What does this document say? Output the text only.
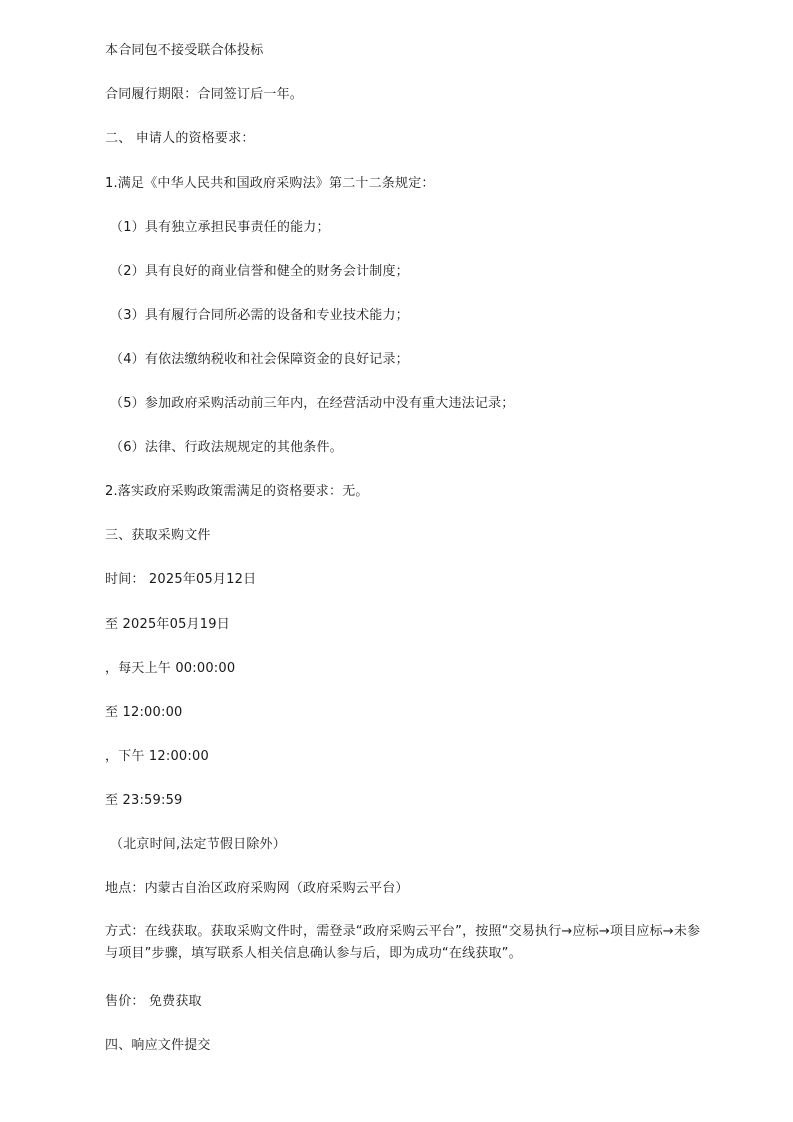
本合同包不接受联合体投标
合同履行期限：合同签订后一年。
二、 申请人的资格要求：
1.满足《中华人民共和国政府采购法》第二十二条规定：
（1）具有独立承担民事责任的能力；
（2）具有良好的商业信誉和健全的财务会计制度；
（3）具有履行合同所必需的设备和专业技术能力；
（4）有依法缴纳税收和社会保障资金的良好记录；
（5）参加政府采购活动前三年内，在经营活动中没有重大违法记录；
（6）法律、行政法规规定的其他条件。
2.落实政府采购政策需满足的资格要求：无。
三、获取采购文件
时间： 2025年05月12日
至 2025年05月19日
，每天上午 00:00:00
至 12:00:00
，下午 12:00:00
至 23:59:59
（北京时间,法定节假日除外）
地点：内蒙古自治区政府采购网（政府采购云平台）
方式：在线获取。获取采购文件时，需登录“政府采购云平台”，按照“交易执行→应标→项目应标→未参与项目”步骤，填写联系人相关信息确认参与后，即为成功“在线获取”。
售价： 免费获取
四、响应文件提交
